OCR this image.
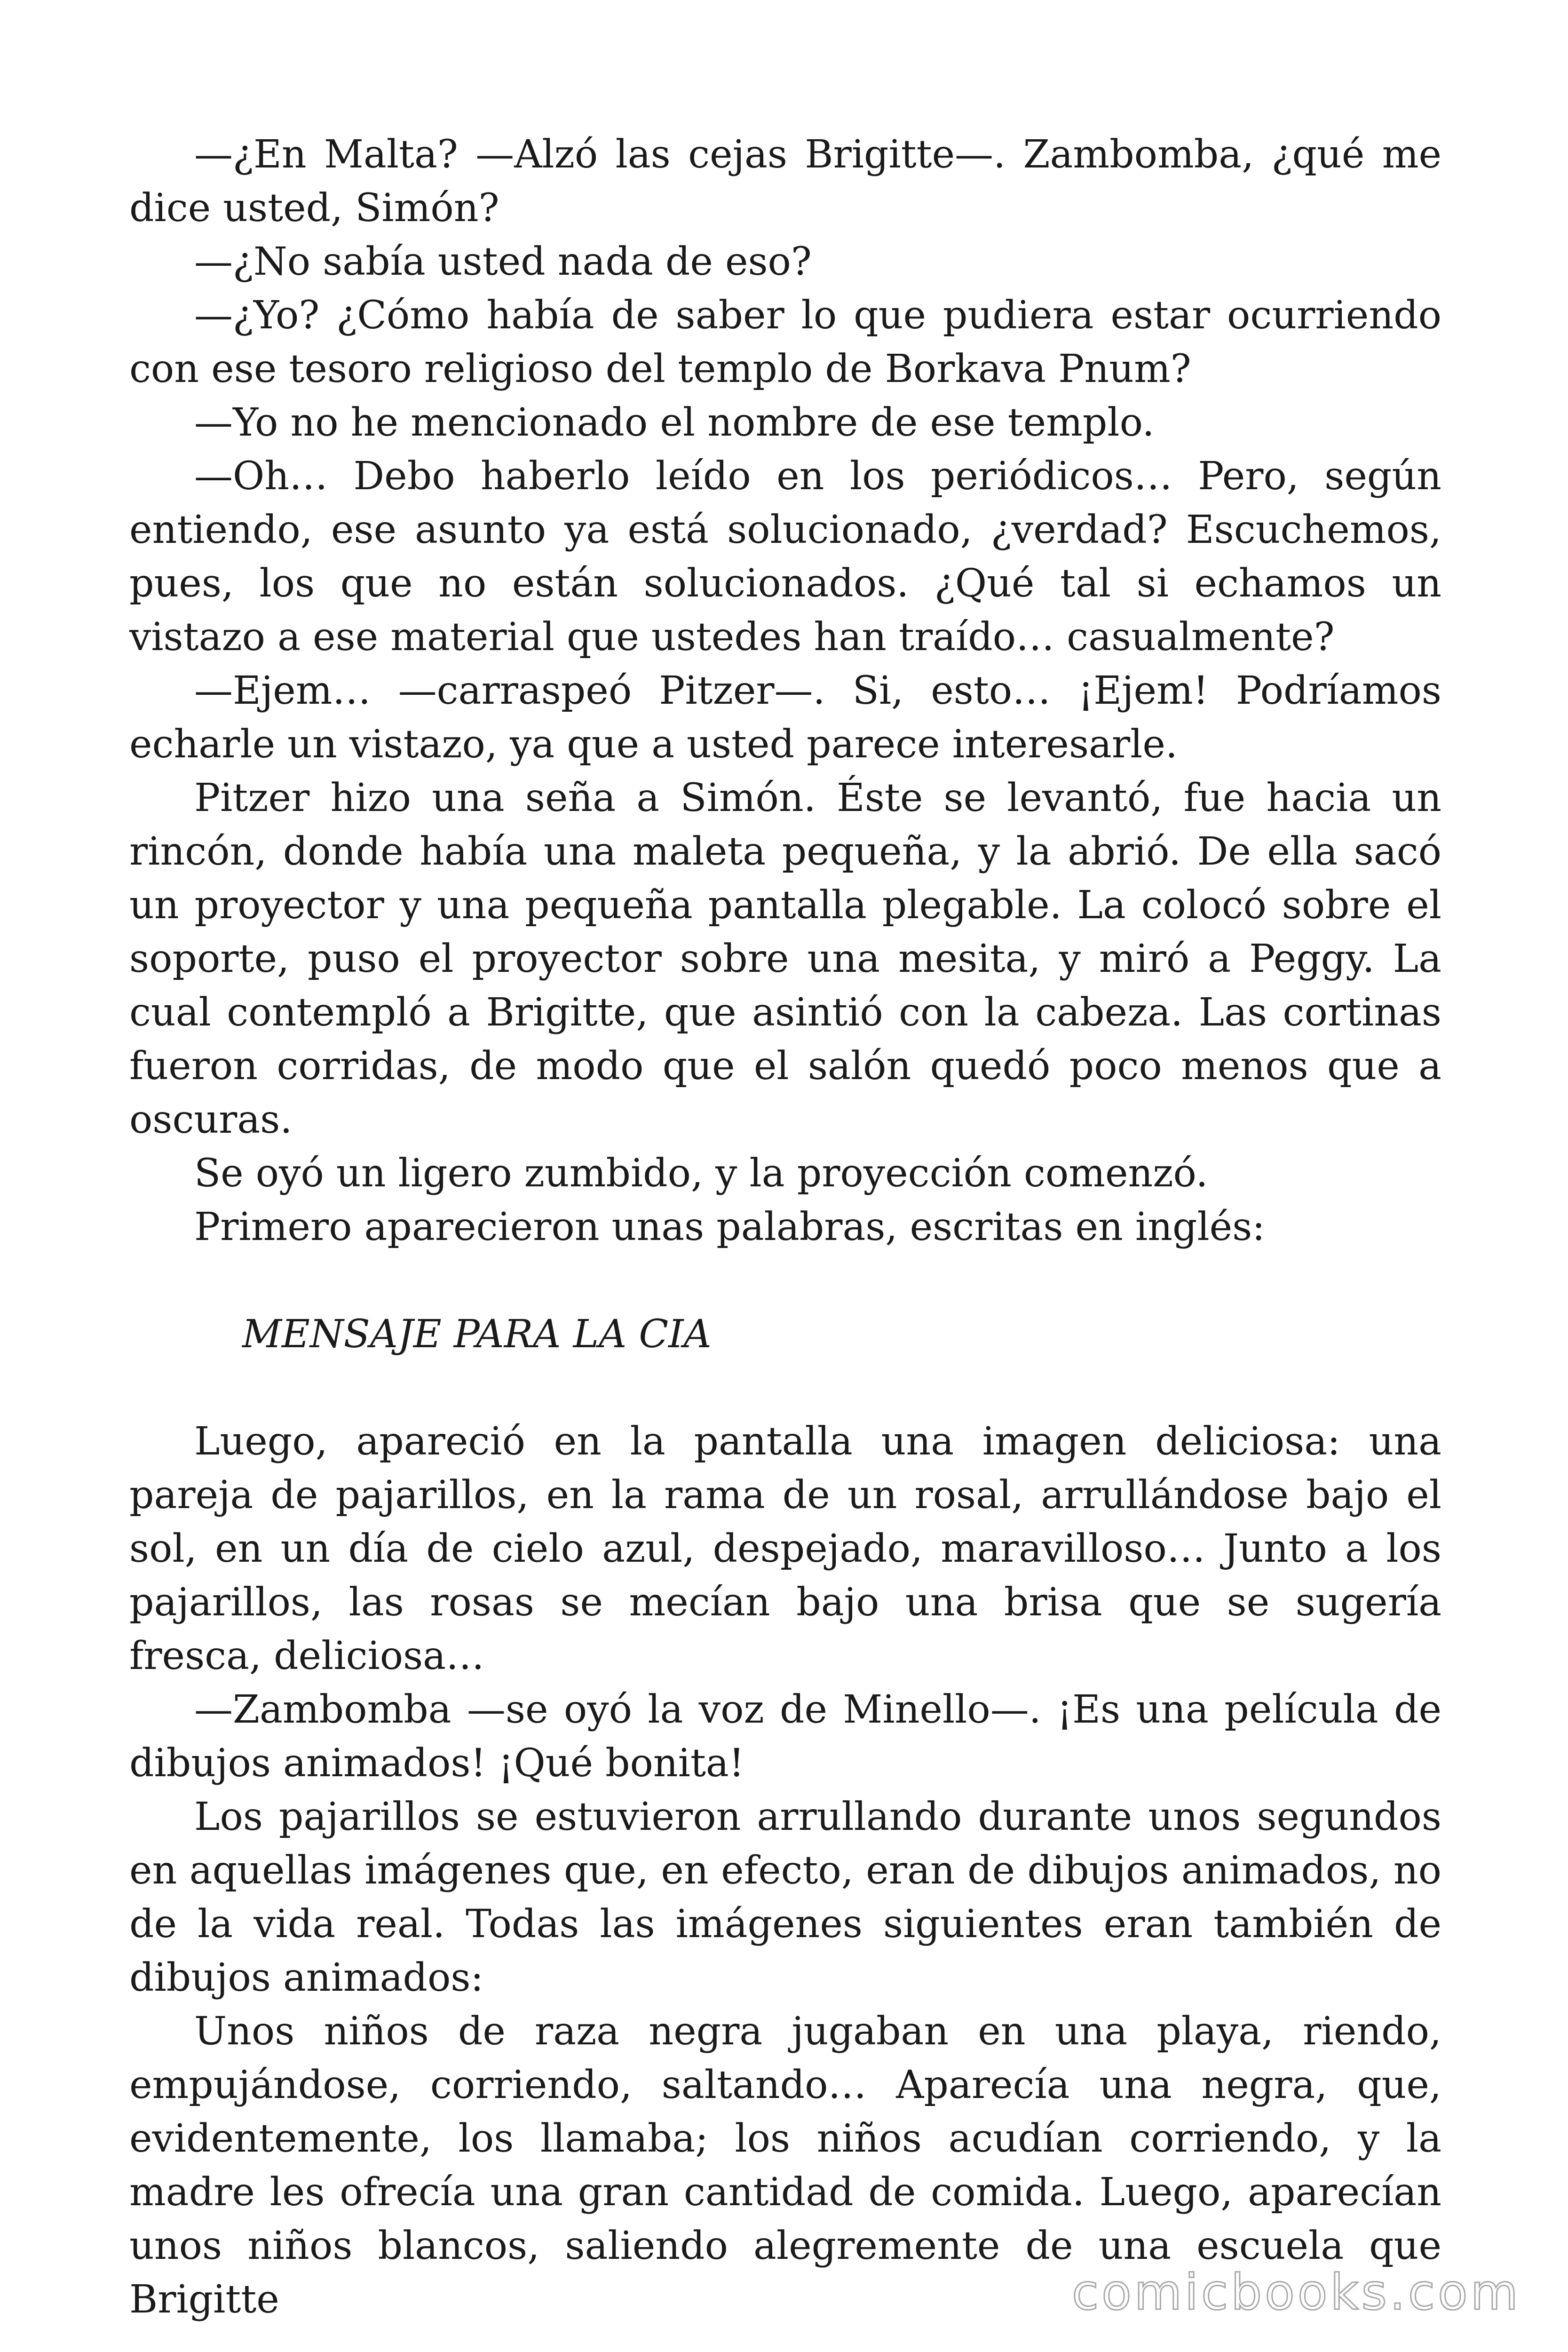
—¿En Malta? —Alzó las cejas Brigitte—. Zambomba, ¿qué me dice usted, Simón?

—¿No sabía usted nada de eso?

—¿Yo? ¿Cómo había de saber lo que pudiera estar ocurriendo con ese tesoro religioso del templo de Borkava Pnum?

—Yo no he mencionado el nombre de ese templo.

—Oh… Debo haberlo leído en los periódicos… Pero, según entiendo, ese asunto ya está solucionado, ¿verdad? Escuchemos, pues, los que no están solucionados. ¿Qué tal si echamos un vistazo a ese material que ustedes han traído… casualmente?

—Ejem… —carraspeó Pitzer—. Si, esto… ¡Ejem! Podríamos echarle un vistazo, ya que a usted parece interesarle.

Pitzer hizo una seña a Simón. Éste se levantó, fue hacia un rincón, donde había una maleta pequeña, y la abrió. De ella sacó un proyector y una pequeña pantalla plegable. La colocó sobre el soporte, puso el proyector sobre una mesita, y miró a Peggy. La cual contempló a Brigitte, que asintió con la cabeza. Las cortinas fueron corridas, de modo que el salón quedó poco menos que a oscuras.

Se oyó un ligero zumbido, y la proyección comenzó.

Primero aparecieron unas palabras, escritas en inglés:

MENSAJE PARA LA CIA

Luego, apareció en la pantalla una imagen deliciosa: una pareja de pajarillos, en la rama de un rosal, arrullándose bajo el sol, en un día de cielo azul, despejado, maravilloso… Junto a los pajarillos, las rosas se mecían bajo una brisa que se sugería fresca, deliciosa…

—Zambomba —se oyó la voz de Minello—. ¡Es una película de dibujos animados! ¡Qué bonita!

Los pajarillos se estuvieron arrullando durante unos segundos en aquellas imágenes que, en efecto, eran de dibujos animados, no de la vida real. Todas las imágenes siguientes eran también de dibujos animados:

Unos niños de raza negra jugaban en una playa, riendo, empujándose, corriendo, saltando… Aparecía una negra, que, evidentemente, los llamaba; los niños acudían corriendo, y la madre les ofrecía una gran cantidad de comida. Luego, aparecían unos niños blancos, saliendo alegremente de una escuela que Brigitte	comicbooks.com
